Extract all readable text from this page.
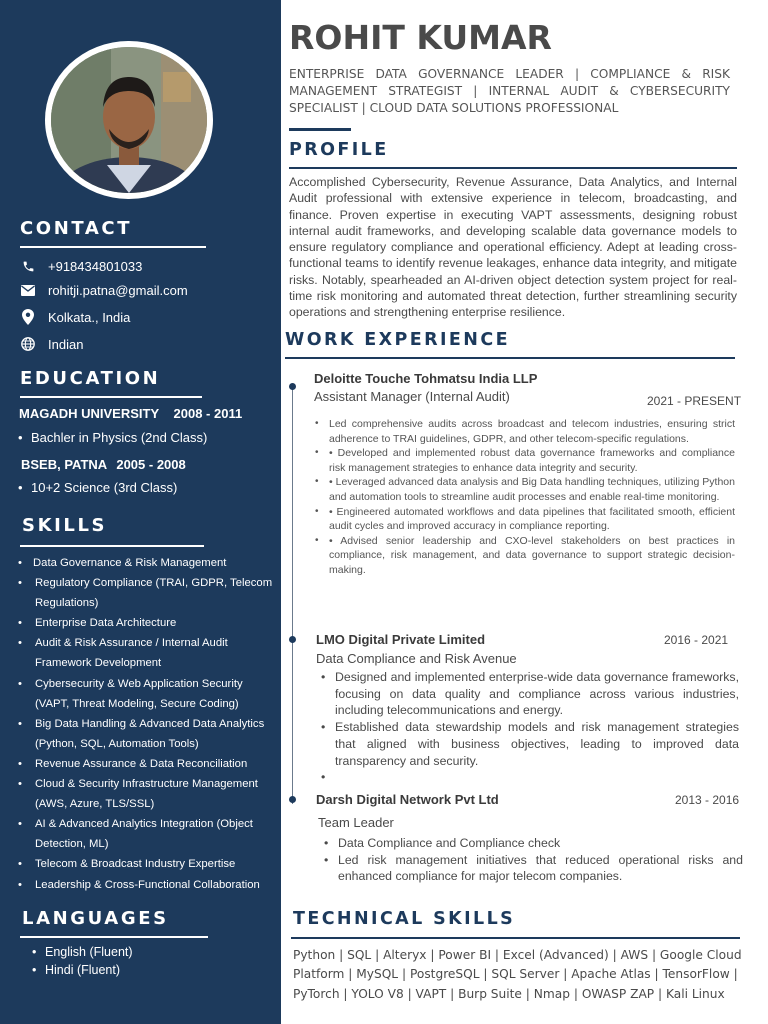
CONTACT
+918434801033
rohitji.patna@gmail.com
Kolkata., India
Indian
EDUCATION
MAGADH UNIVERSITY 2008 - 2011
• Bachler in Physics (2nd Class)
BSEB, PATNA 2005 - 2008
• 10+2 Science (3rd Class)
SKILLS
• Data Governance & Risk Management
• Regulatory Compliance (TRAI, GDPR, Telecom Regulations)
• Enterprise Data Architecture
• Audit & Risk Assurance / Internal Audit Framework Development
• Cybersecurity & Web Application Security (VAPT, Threat Modeling, Secure Coding)
• Big Data Handling & Advanced Data Analytics (Python, SQL, Automation Tools)
• Revenue Assurance & Data Reconciliation
• Cloud & Security Infrastructure Management (AWS, Azure, TLS/SSL)
• AI & Advanced Analytics Integration (Object Detection, ML)
• Telecom & Broadcast Industry Expertise
• Leadership & Cross-Functional Collaboration
LANGUAGES
• English (Fluent)
• Hindi (Fluent)
ROHIT KUMAR
ENTERPRISE DATA GOVERNANCE LEADER | COMPLIANCE & RISK MANAGEMENT STRATEGIST | INTERNAL AUDIT & CYBERSECURITY SPECIALIST | CLOUD DATA SOLUTIONS PROFESSIONAL
PROFILE
Accomplished Cybersecurity, Revenue Assurance, Data Analytics, and Internal Audit professional with extensive experience in telecom, broadcasting, and finance. Proven expertise in executing VAPT assessments, designing robust internal audit frameworks, and developing scalable data governance models to ensure regulatory compliance and operational efficiency. Adept at leading cross-functional teams to identify revenue leakages, enhance data integrity, and mitigate risks. Notably, spearheaded an AI-driven object detection system project for real-time risk monitoring and automated threat detection, further streamlining security operations and strengthening enterprise resilience.
WORK EXPERIENCE
Deloitte Touche Tohmatsu India LLP
Assistant Manager (Internal Audit)	2021 - PRESENT
• Led comprehensive audits across broadcast and telecom industries, ensuring strict adherence to TRAI guidelines, GDPR, and other telecom-specific regulations.
• • Developed and implemented robust data governance frameworks and compliance risk management strategies to enhance data integrity and security.
• • Leveraged advanced data analysis and Big Data handling techniques, utilizing Python and automation tools to streamline audit processes and enable real-time monitoring.
• • Engineered automated workflows and data pipelines that facilitated smooth, efficient audit cycles and improved accuracy in compliance reporting.
• • Advised senior leadership and CXO-level stakeholders on best practices in compliance, risk management, and data governance to support strategic decision-making.
LMO Digital Private Limited	2016 - 2021
Data Compliance and Risk Avenue
• Designed and implemented enterprise-wide data governance frameworks, focusing on data quality and compliance across various industries, including telecommunications and energy.
• Established data stewardship models and risk management strategies that aligned with business objectives, leading to improved data transparency and security.
•
Darsh Digital Network Pvt Ltd	2013 - 2016
Team Leader
• Data Compliance and Compliance check
• Led risk management initiatives that reduced operational risks and enhanced compliance for major telecom companies.
TECHNICAL SKILLS
Python | SQL | Alteryx | Power BI | Excel (Advanced) | AWS | Google Cloud Platform | MySQL | PostgreSQL | SQL Server | Apache Atlas | TensorFlow | PyTorch | YOLO V8 | VAPT | Burp Suite | Nmap | OWASP ZAP | Kali Linux
